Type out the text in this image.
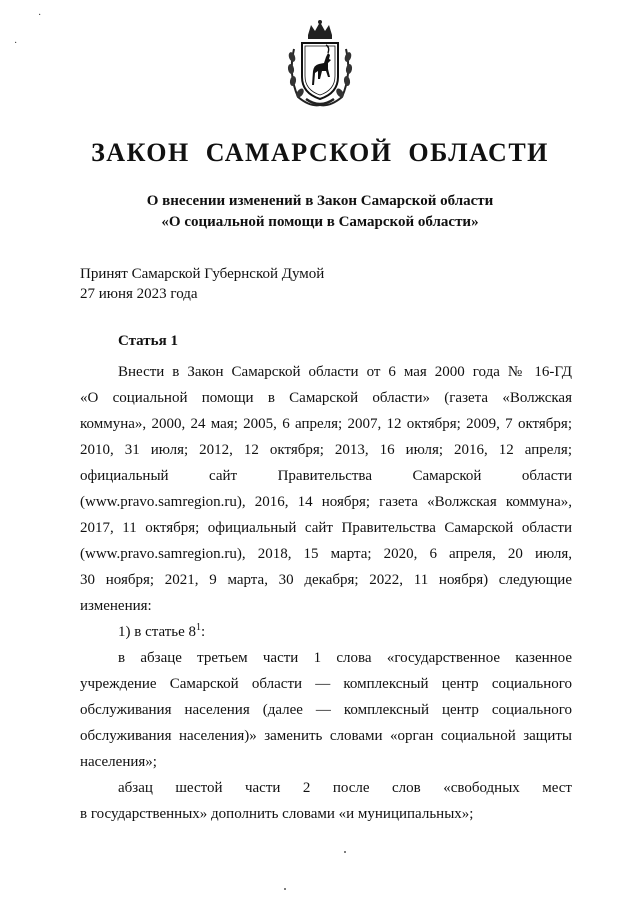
·
·
ЗАКОН САМАРСКОЙ ОБЛАСТИ
О внесении изменений в Закон Самарской области
«О социальной помощи в Самарской области»
Принят Самарской Губернской Думой
27 июня 2023 года
Статья 1
Внести в Закон Самарской области от 6 мая 2000 года № 16-ГД
«О социальной помощи в Самарской области» (газета «Волжская
коммуна», 2000, 24 мая; 2005, 6 апреля; 2007, 12 октября; 2009, 7 октября;
2010, 31 июля; 2012, 12 октября; 2013, 16 июля; 2016, 12 апреля;
официальный сайт Правительства Самарской области
(www.pravo.samregion.ru), 2016, 14 ноября; газета «Волжская коммуна»,
2017, 11 октября; официальный сайт Правительства Самарской области
(www.pravo.samregion.ru), 2018, 15 марта; 2020, 6 апреля, 20 июля,
30 ноября; 2021, 9 марта, 30 декабря; 2022, 11 ноября) следующие
изменения:
1) в статье $8^1$:
в абзаце третьем части 1 слова «государственное казенное
учреждение Самарской области — комплексный центр социального
обслуживания населения (далее — комплексный центр социального
обслуживания населения)» заменить словами «орган социальной защиты
населения»;
абзац шестой части 2 после слов «свободных мест
в государственных» дополнить словами «и муниципальных»;
